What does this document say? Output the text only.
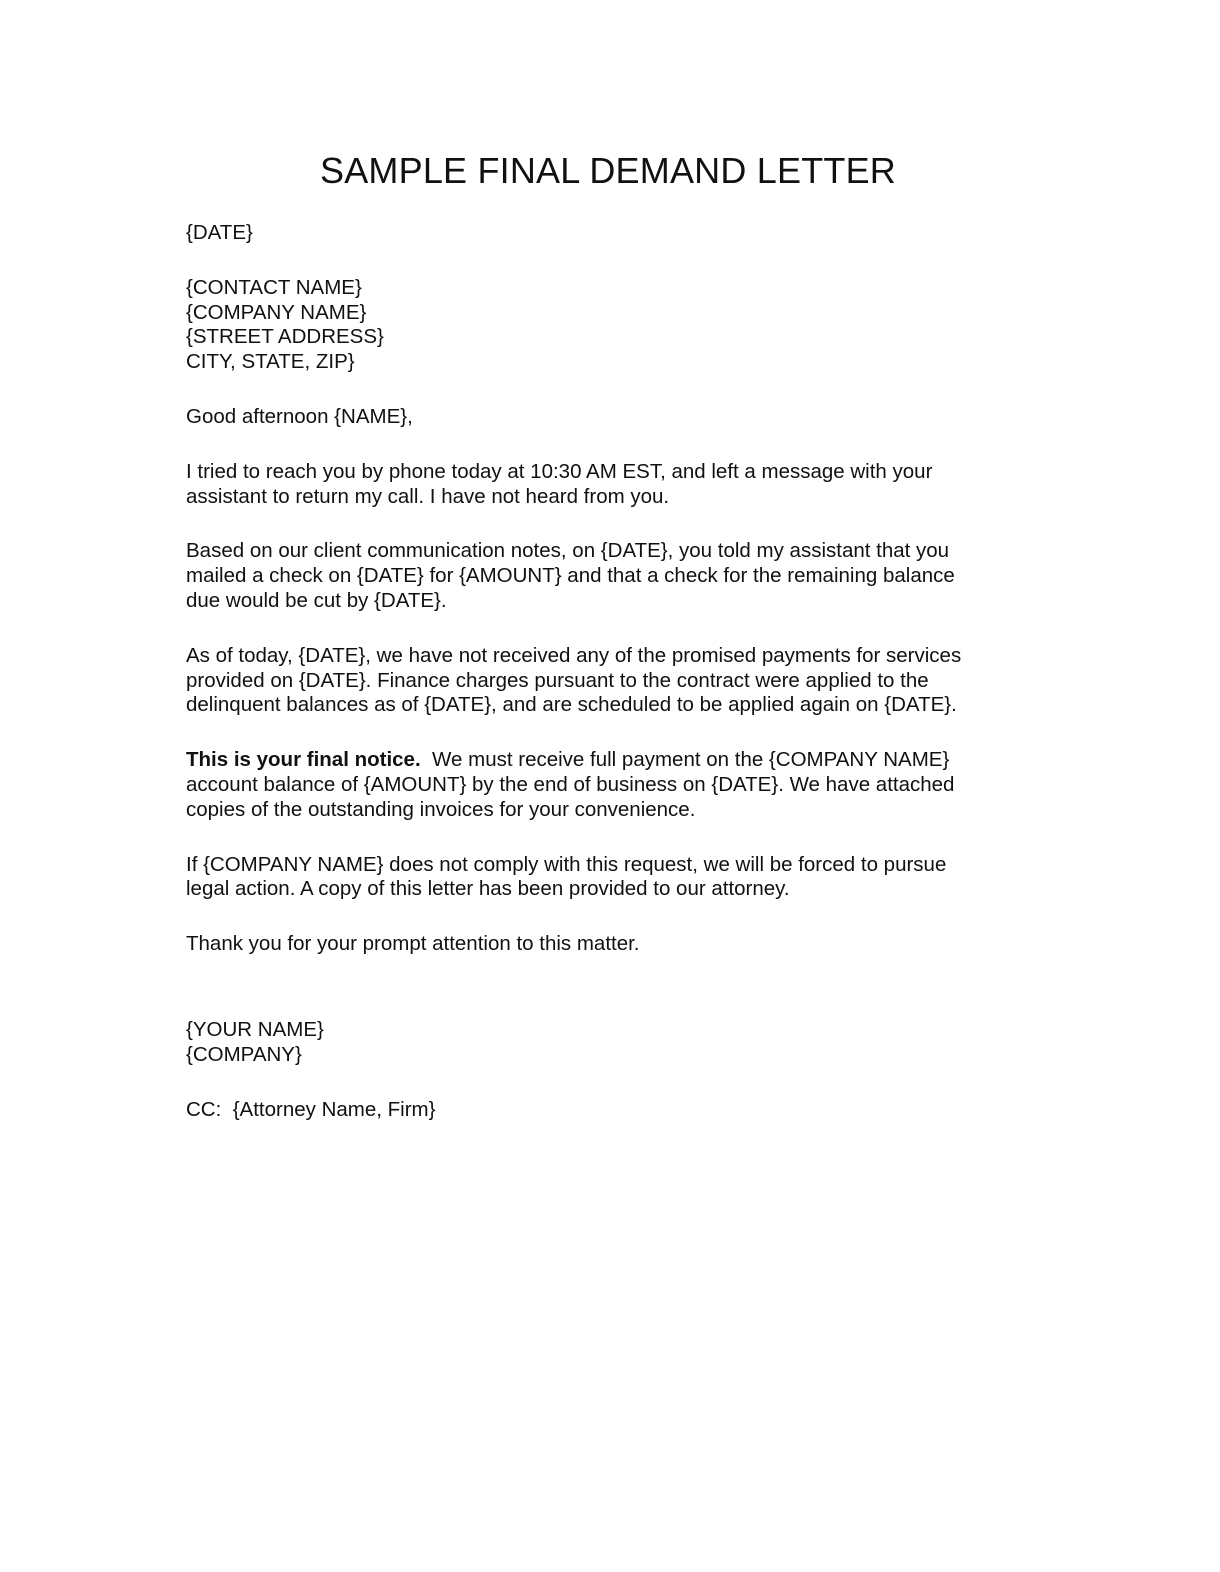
SAMPLE FINAL DEMAND LETTER
{DATE}
{CONTACT NAME}
{COMPANY NAME}
{STREET ADDRESS}
CITY, STATE, ZIP}
Good afternoon {NAME},
I tried to reach you by phone today at 10:30 AM EST, and left a message with your
assistant to return my call. I have not heard from you.
Based on our client communication notes, on {DATE}, you told my assistant that you
mailed a check on {DATE} for {AMOUNT} and that a check for the remaining balance
due would be cut by {DATE}.
As of today, {DATE}, we have not received any of the promised payments for services
provided on {DATE}. Finance charges pursuant to the contract were applied to the
delinquent balances as of {DATE}, and are scheduled to be applied again on {DATE}.
This is your final notice.  We must receive full payment on the {COMPANY NAME}
account balance of {AMOUNT} by the end of business on {DATE}. We have attached
copies of the outstanding invoices for your convenience.
If {COMPANY NAME} does not comply with this request, we will be forced to pursue
legal action. A copy of this letter has been provided to our attorney.
Thank you for your prompt attention to this matter.
{YOUR NAME}
{COMPANY}
CC:  {Attorney Name, Firm}
